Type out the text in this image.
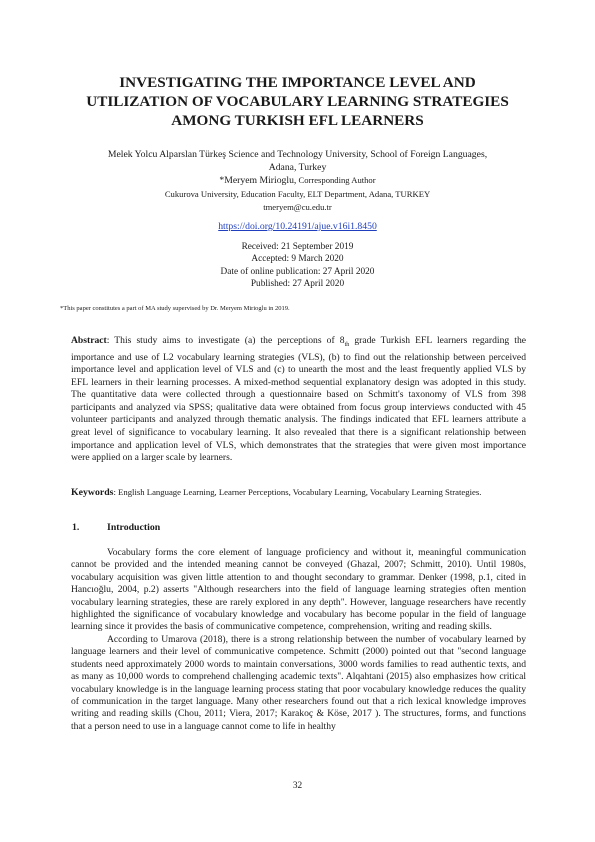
INVESTIGATING THE IMPORTANCE LEVEL AND
UTILIZATION OF VOCABULARY LEARNING STRATEGIES
AMONG TURKISH EFL LEARNERS
Melek Yolcu Alparslan Türkeş Science and Technology University, School of Foreign Languages,
Adana, Turkey
*Meryem Mirioglu, Corresponding Author
Cukurova University, Education Faculty, ELT Department, Adana, TURKEY
tmeryem@cu.edu.tr
https://doi.org/10.24191/ajue.v16i1.8450
Received: 21 September 2019
Accepted: 9 March 2020
Date of online publication: 27 April 2020
Published: 27 April 2020
*This paper constitutes a part of MA study supervised by Dr. Meryem Mirioglu in 2019.

Abstract: This study aims to investigate (a) the perceptions of $8_{th}$ grade Turkish EFL learners regarding the importance and use of L2 vocabulary learning strategies (VLS), (b) to find out the relationship between perceived importance level and application level of VLS and (c) to unearth the most and the least frequently applied VLS by EFL learners in their learning processes. A mixed-method sequential explanatory design was adopted in this study. The quantitative data were collected through a questionnaire based on Schmitt's taxonomy of VLS from 398 participants and analyzed via SPSS; qualitative data were obtained from focus group interviews conducted with 45 volunteer participants and analyzed through thematic analysis. The findings indicated that EFL learners attribute a great level of significance to vocabulary learning. It also revealed that there is a significant relationship between importance and application level of VLS, which demonstrates that the strategies that were given most importance were applied on a larger scale by learners.

Keywords: English Language Learning, Learner Perceptions, Vocabulary Learning, Vocabulary Learning Strategies.

1.	Introduction

Vocabulary forms the core element of language proficiency and without it, meaningful communication cannot be provided and the intended meaning cannot be conveyed (Ghazal, 2007; Schmitt, 2010). Until 1980s, vocabulary acquisition was given little attention to and thought secondary to grammar. Denker (1998, p.1, cited in Hancıoğlu, 2004, p.2) asserts "Although researchers into the field of language learning strategies often mention vocabulary learning strategies, these are rarely explored in any depth". However, language researchers have recently highlighted the significance of vocabulary knowledge and vocabulary has become popular in the field of language learning since it provides the basis of communicative competence, comprehension, writing and reading skills.

According to Umarova (2018), there is a strong relationship between the number of vocabulary learned by language learners and their level of communicative competence. Schmitt (2000) pointed out that "second language students need approximately 2000 words to maintain conversations, 3000 words families to read authentic texts, and as many as 10,000 words to comprehend challenging academic texts". Alqahtani (2015) also emphasizes how critical vocabulary knowledge is in the language learning process stating that poor vocabulary knowledge reduces the quality of communication in the target language. Many other researchers found out that a rich lexical knowledge improves writing and reading skills (Chou, 2011; Viera, 2017; Karakoç & Köse, 2017 ). The structures, forms, and functions that a person need to use in a language cannot come to life in healthy

32
